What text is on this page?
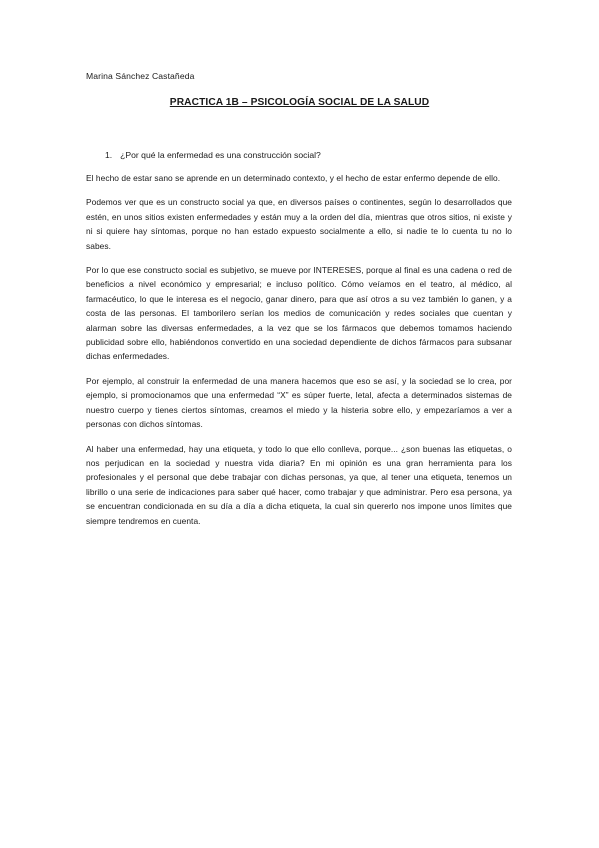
Marina Sánchez Castañeda
PRACTICA 1B – PSICOLOGÍA SOCIAL DE LA SALUD
1. ¿Por qué la enfermedad es una construcción social?

El hecho de estar sano se aprende en un determinado contexto, y el hecho de estar enfermo depende de ello.

Podemos ver que es un constructo social ya que, en diversos países o continentes, según lo desarrollados que estén, en unos sitios existen enfermedades y están muy a la orden del día, mientras que otros sitios, ni existe y ni si quiere hay síntomas, porque no han estado expuesto socialmente a ello, si nadie te lo cuenta tu no lo sabes.

Por lo que ese constructo social es subjetivo, se mueve por INTERESES, porque al final es una cadena o red de beneficios a nivel económico y empresarial; e incluso político. Cómo veíamos en el teatro, al médico, al farmacéutico, lo que le interesa es el negocio, ganar dinero, para que así otros a su vez también lo ganen, y a costa de las personas. El tamborilero serían los medios de comunicación y redes sociales que cuentan y alarman sobre las diversas enfermedades, a la vez que se los fármacos que debemos tomamos haciendo publicidad sobre ello, habiéndonos convertido en una sociedad dependiente de dichos fármacos para subsanar dichas enfermedades.

Por ejemplo, al construir la enfermedad de una manera hacemos que eso se así, y la sociedad se lo crea, por ejemplo, si promocionamos que una enfermedad “X” es súper fuerte, letal, afecta a determinados sistemas de nuestro cuerpo y tienes ciertos síntomas, creamos el miedo y la histeria sobre ello, y empezaríamos a ver a personas con dichos síntomas.

Al haber una enfermedad, hay una etiqueta, y todo lo que ello conlleva, porque... ¿son buenas las etiquetas, o nos perjudican en la sociedad y nuestra vida diaria? En mi opinión es una gran herramienta para los profesionales y el personal que debe trabajar con dichas personas, ya que, al tener una etiqueta, tenemos un librillo o una serie de indicaciones para saber qué hacer, como trabajar y que administrar. Pero esa persona, ya se encuentran condicionada en su día a día a dicha etiqueta, la cual sin quererlo nos impone unos límites que siempre tendremos en cuenta.
